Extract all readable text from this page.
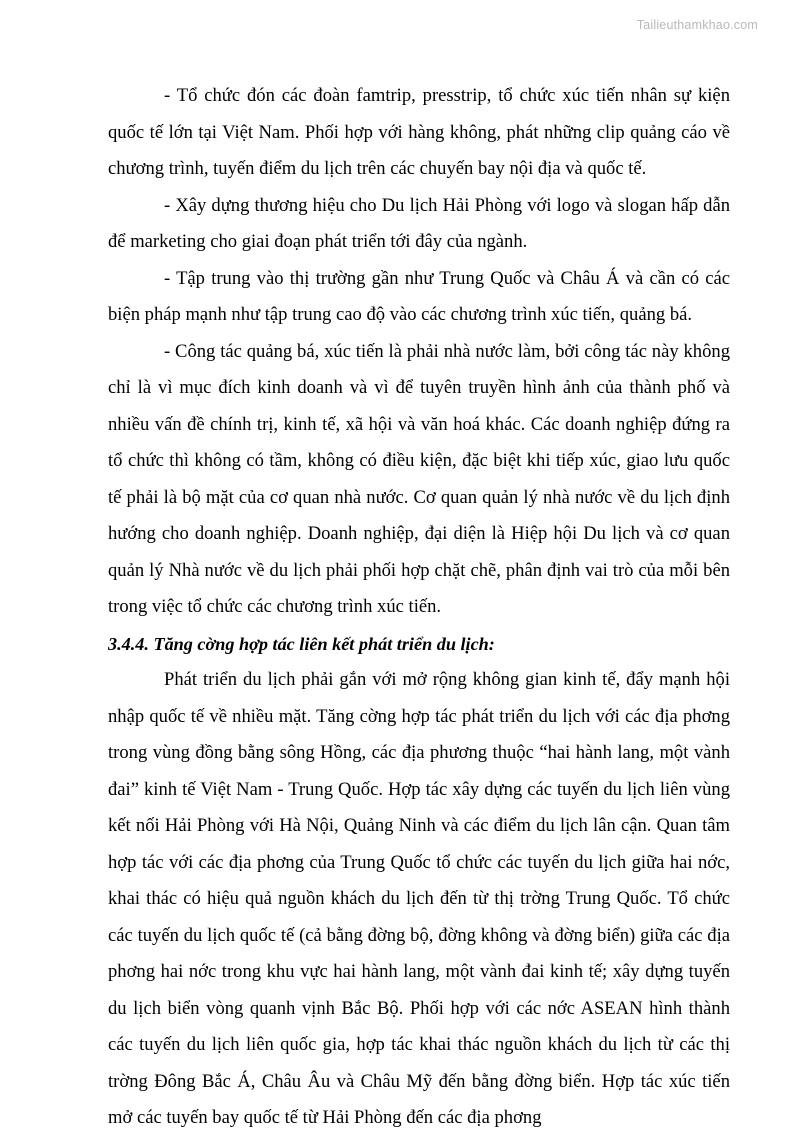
Tailieuthamkhao.com

- Tổ chức đón các đoàn famtrip, presstrip, tổ chức xúc tiến nhân sự kiện quốc tế lớn tại Việt Nam. Phối hợp với hàng không, phát những clip quảng cáo về chương trình, tuyến điểm du lịch trên các chuyến bay nội địa và quốc tế.

- Xây dựng thương hiệu cho Du lịch Hải Phòng với logo và slogan hấp dẫn để marketing cho giai đoạn phát triển tới đây của ngành.

- Tập trung vào thị trường gần như Trung Quốc và Châu Á và cần có các biện pháp mạnh như tập trung cao độ vào các chương trình xúc tiến, quảng bá.

- Công tác quảng bá, xúc tiến là phải nhà nước làm, bởi công tác này không chỉ là vì mục đích kinh doanh và vì để tuyên truyền hình ảnh của thành phố và nhiều vấn đề chính trị, kinh tế, xã hội và văn hoá khác. Các doanh nghiệp đứng ra tổ chức thì không có tầm, không có điều kiện, đặc biệt khi tiếp xúc, giao lưu quốc tế phải là bộ mặt của cơ quan nhà nước. Cơ quan quản lý nhà nước về du lịch định hướng cho doanh nghiệp. Doanh nghiệp, đại diện là Hiệp hội Du lịch và cơ quan quản lý Nhà nước về du lịch phải phối hợp chặt chẽ, phân định vai trò của mỗi bên trong việc tổ chức các chương trình xúc tiến.

3.4.4. Tăng cờng hợp tác liên kết phát triển du lịch:

Phát triển du lịch phải gắn với mở rộng không gian kinh tế, đẩy mạnh hội nhập quốc tế về nhiều mặt. Tăng cờng hợp tác phát triển du lịch với các địa phơng trong vùng đồng bằng sông Hồng, các địa phương thuộc “hai hành lang, một vành đai” kinh tế Việt Nam - Trung Quốc. Hợp tác xây dựng các tuyến du lịch liên vùng kết nối Hải Phòng với Hà Nội, Quảng Ninh và các điểm du lịch lân cận. Quan tâm hợp tác với các địa phơng của Trung Quốc tổ chức các tuyến du lịch giữa hai nớc, khai thác có hiệu quả nguồn khách du lịch đến từ thị trờng Trung Quốc. Tổ chức các tuyến du lịch quốc tế (cả bằng đờng bộ, đờng không và đờng biển) giữa các địa phơng hai nớc trong khu vực hai hành lang, một vành đai kinh tế; xây dựng tuyến du lịch biển vòng quanh vịnh Bắc Bộ. Phối hợp với các nớc ASEAN hình thành các tuyến du lịch liên quốc gia, hợp tác khai thác nguồn khách du lịch từ các thị trờng Đông Bắc Á, Châu Âu và Châu Mỹ đến bằng đờng biển. Hợp tác xúc tiến mở các tuyến bay quốc tế từ Hải Phòng đến các địa phơng
